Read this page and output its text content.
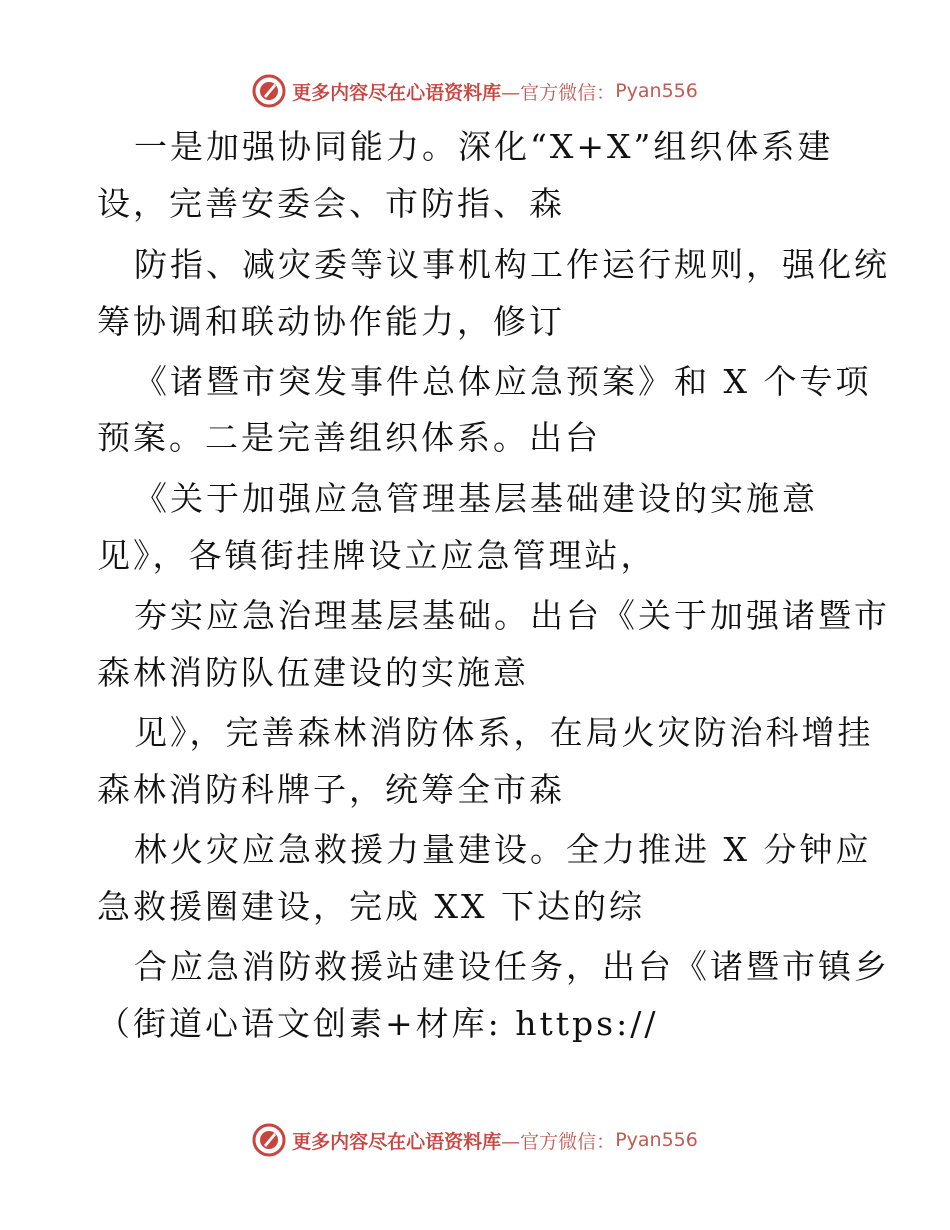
更多内容尽在心语资料库—官方微信： Pyan556
一是加强协同能力。深化“X+X”组织体系建
设，完善安委会、市防指、森
防指、减灾委等议事机构工作运行规则，强化统
筹协调和联动协作能力，修订
《诸暨市突发事件总体应急预案》和 X 个专项
预案。二是完善组织体系。出台
《关于加强应急管理基层基础建设的实施意
见》，各镇街挂牌设立应急管理站，
夯实应急治理基层基础。出台《关于加强诸暨市
森林消防队伍建设的实施意
见》，完善森林消防体系，在局火灾防治科增挂
森林消防科牌子，统筹全市森
林火灾应急救援力量建设。全力推进 X 分钟应
急救援圈建设，完成 XX 下达的综
合应急消防救援站建设任务，出台《诸暨市镇乡
（街道心语文创素+材库: https://
更多内容尽在心语资料库—官方微信： Pyan556
